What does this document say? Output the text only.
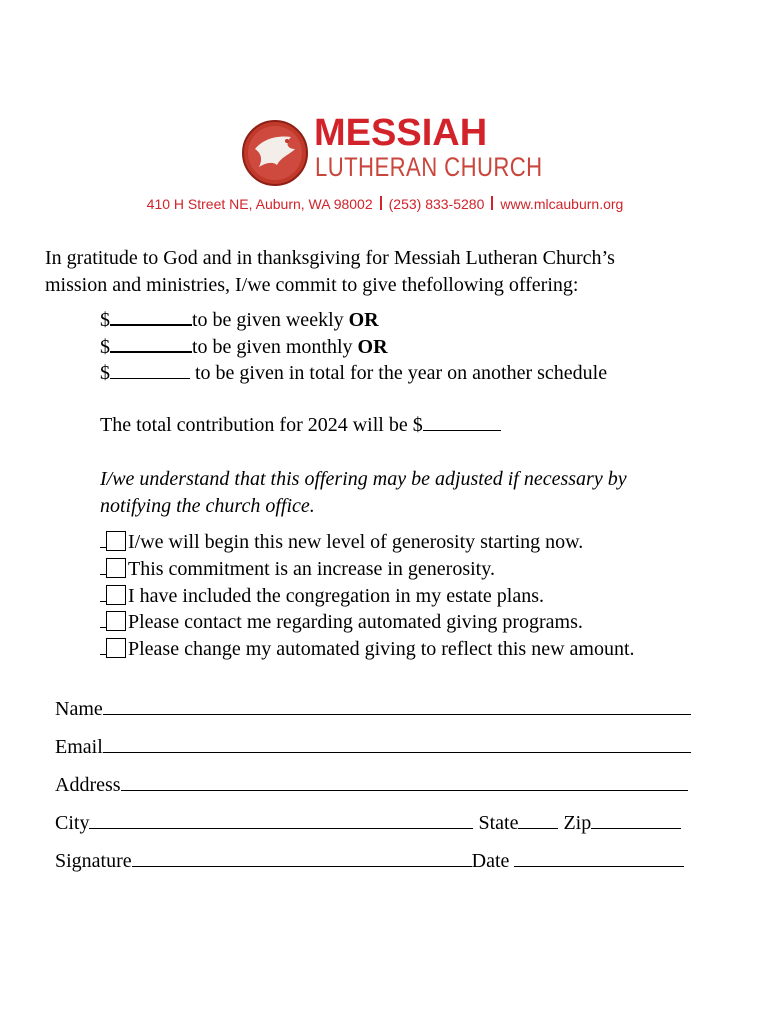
MESSIAH
LUTHERAN CHURCH
410 H Street NE, Auburn, WA 98002 (253) 833-5280 www.mlcauburn.org
In gratitude to God and in thanksgiving for Messiah Lutheran Church’s
mission and ministries, I/we commit to give thefollowing offering:
$	to be given weekly OR
$	to be given monthly OR
$	to be given in total for the year on another schedule
The total contribution for 2024 will be $
I/we understand that this offering may be adjusted if necessary by
notifying the church office.
I/we will begin this new level of generosity starting now.
This commitment is an increase in generosity.
I have included the congregation in my estate plans.
Please contact me regarding automated giving programs.
Please change my automated giving to reflect this new amount.
Name
Email
Address
City	State Zip
Signature	Date
